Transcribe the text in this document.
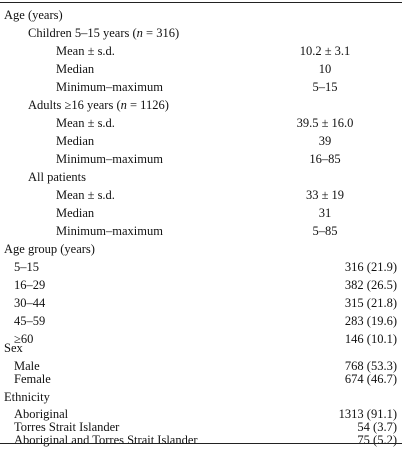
Age (years)
Children 5–15 years (n = 316)
Mean ± s.d.	10.2 ± 3.1
Median	10
Minimum–maximum	5–15
Adults ≥16 years (n = 1126)
Mean ± s.d.	39.5 ± 16.0
Median	39
Minimum–maximum	16–85
All patients
Mean ± s.d.	33 ± 19
Median	31
Minimum–maximum	5–85
Age group (years)
5–15	316 (21.9)
16–29	382 (26.5)
30–44	315 (21.8)
45–59	283 (19.6)
≥60	146 (10.1)
Sex
Male	768 (53.3)
Female	674 (46.7)
Ethnicity
Aboriginal	1313 (91.1)
Torres Strait Islander	54 (3.7)
Aboriginal and Torres Strait Islander	75 (5.2)
